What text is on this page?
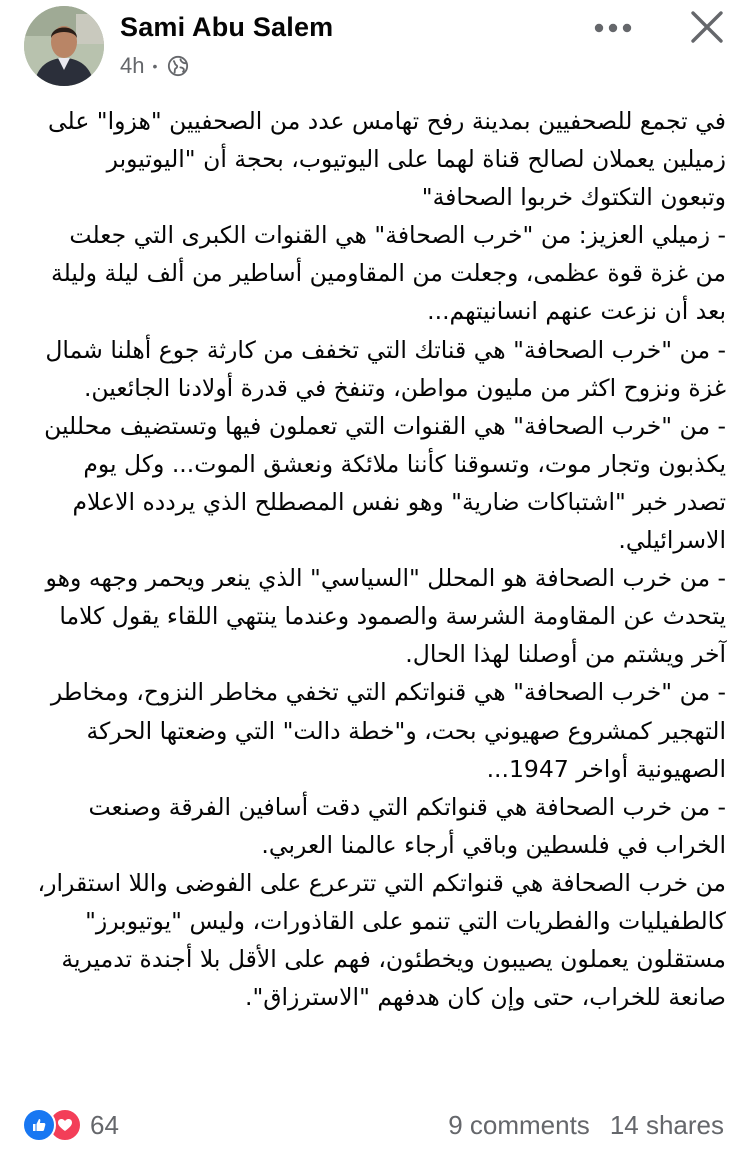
Sami Abu Salem
4h •

في تجمع للصحفيين بمدينة رفح تهامس عدد من الصحفيين "هزوا" على زميلين يعملان لصالح قناة لهما على اليوتيوب، بحجة أن "اليوتيوبر وتبعون التكتوك خربوا الصحافة"

- زميلي العزيز: من "خرب الصحافة" هي القنوات الكبرى التي جعلت من غزة قوة عظمى، وجعلت من المقاومين أساطير من ألف ليلة وليلة بعد أن نزعت عنهم انسانيتهم...

- من "خرب الصحافة" هي قناتك التي تخفف من كارثة جوع أهلنا شمال غزة ونزوح اكثر من مليون مواطن، وتنفخ في قدرة أولادنا الجائعين.

- من "خرب الصحافة" هي القنوات التي تعملون فيها وتستضيف محللين يكذبون وتجار موت، وتسوقنا كأننا ملائكة ونعشق الموت... وكل يوم تصدر خبر "اشتباكات ضارية" وهو نفس المصطلح الذي يردده الاعلام الاسرائيلي.

- من خرب الصحافة هو المحلل "السياسي" الذي ينعر ويحمر وجهه وهو يتحدث عن المقاومة الشرسة والصمود وعندما ينتهي اللقاء يقول كلاما آخر ويشتم من أوصلنا لهذا الحال.

- من "خرب الصحافة" هي قنواتكم التي تخفي مخاطر النزوح، ومخاطر التهجير كمشروع صهيوني بحت، و"خطة دالت" التي وضعتها الحركة الصهيونية أواخر 1947...

- من خرب الصحافة هي قنواتكم التي دقت أسافين الفرقة وصنعت الخراب في فلسطين وباقي أرجاء عالمنا العربي.

من خرب الصحافة هي قنواتكم التي تترعرع على الفوضى واللا استقرار، كالطفيليات والفطريات التي تنمو على القاذورات، وليس "يوتيوبرز" مستقلون يعملون يصيبون ويخطئون، فهم على الأقل بلا أجندة تدميرية صانعة للخراب، حتى وإن كان هدفهم "الاسترزاق".

64	9 comments 14 shares
